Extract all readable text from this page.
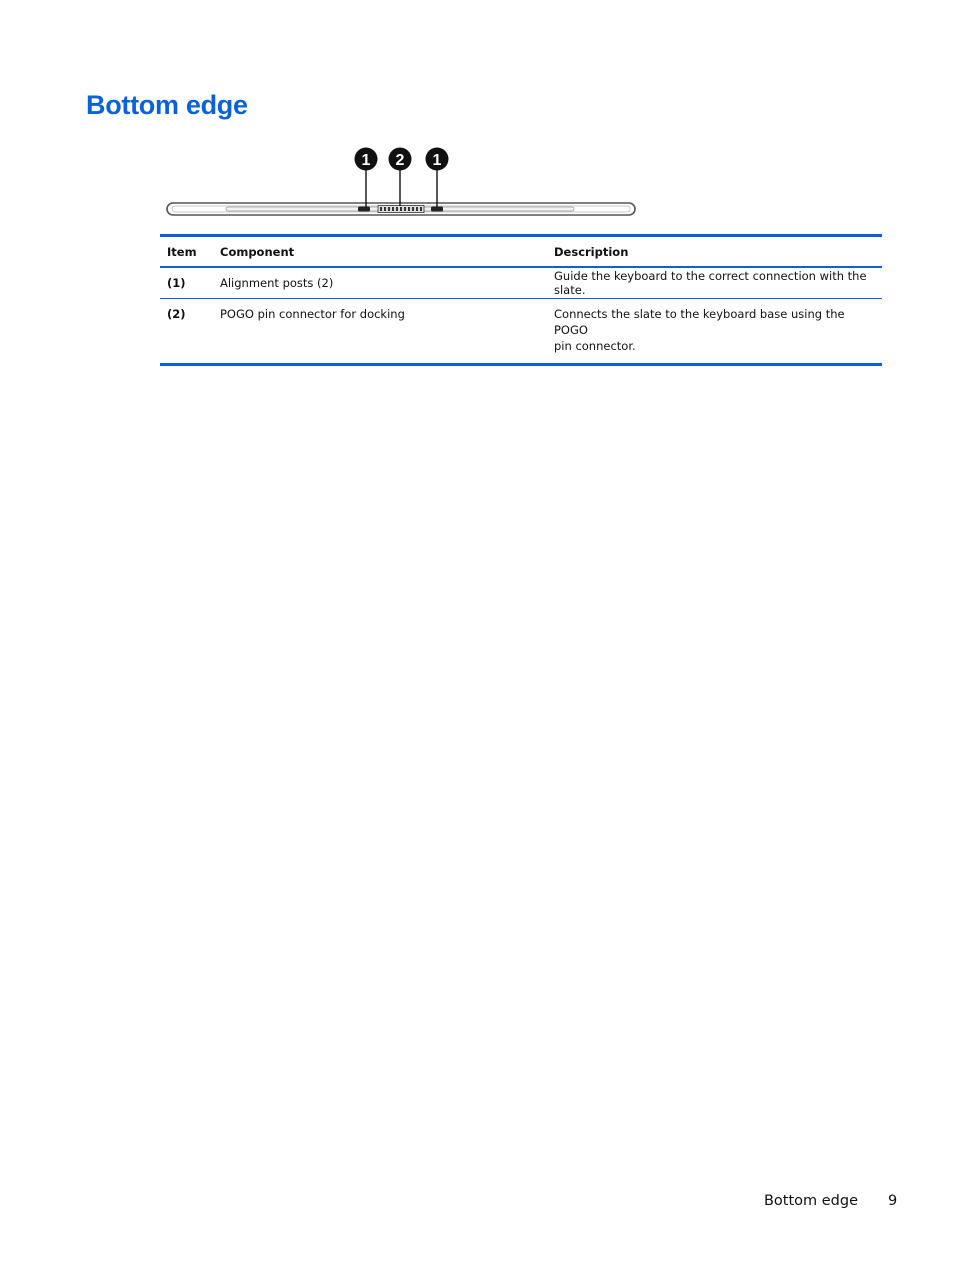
Bottom edge
1 2 1
Item	Component	Description
(1)	Alignment posts (2)	Guide the keyboard to the correct connection with the slate.
(2)	POGO pin connector for docking	Connects the slate to the keyboard base using the POGO
pin connector.
Bottom edge 9
